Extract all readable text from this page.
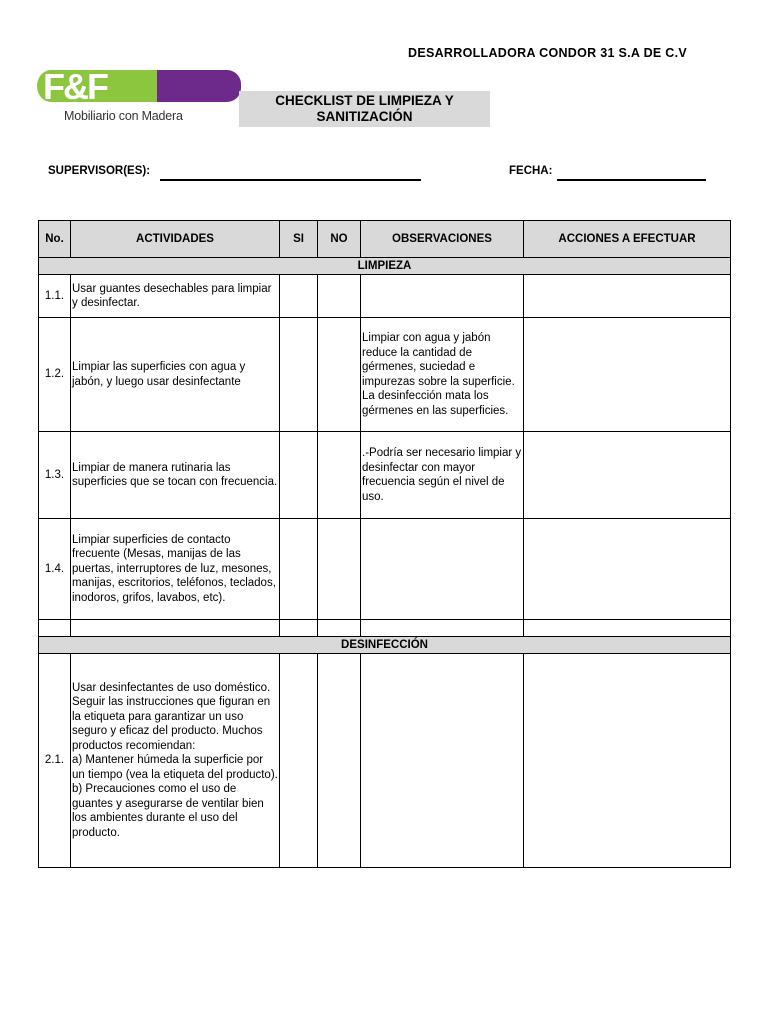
DESARROLLADORA CONDOR 31 S.A DE C.V
F&F
Mobiliario con Madera
CHECKLIST DE LIMPIEZA Y
SANITIZACIÓN
SUPERVISOR(ES):	FECHA:
No.	ACTIVIDADES	SI	NO	OBSERVACIONES	ACCIONES A EFECTUAR
LIMPIEZA					
1.1.	Usar guantes desechables para limpiar y desinfectar.				
1.2.	Limpiar las superficies con agua y jabón, y luego usar desinfectante			Limpiar con agua y jabón reduce la cantidad de gérmenes, suciedad e impurezas sobre la superficie. La desinfección mata los gérmenes en las superficies.	
1.3.	Limpiar de manera rutinaria las superficies que se tocan con frecuencia.			.-Podría ser necesario limpiar y desinfectar con mayor frecuencia según el nivel de uso.	
1.4.	Limpiar superficies de contacto frecuente (Mesas, manijas de las puertas, interruptores de luz, mesones, manijas, escritorios, teléfonos, teclados, inodoros, grifos, lavabos, etc).				

DESINFECCIÓN					
2.1.	Usar desinfectantes de uso doméstico. Seguir las instrucciones que figuran en la etiqueta para garantizar un uso seguro y eficaz del producto. Muchos productos recomiendan:
a) Mantener húmeda la superficie por un tiempo (vea la etiqueta del producto).
b) Precauciones como el uso de guantes y asegurarse de ventilar bien los ambientes durante el uso del producto.				
